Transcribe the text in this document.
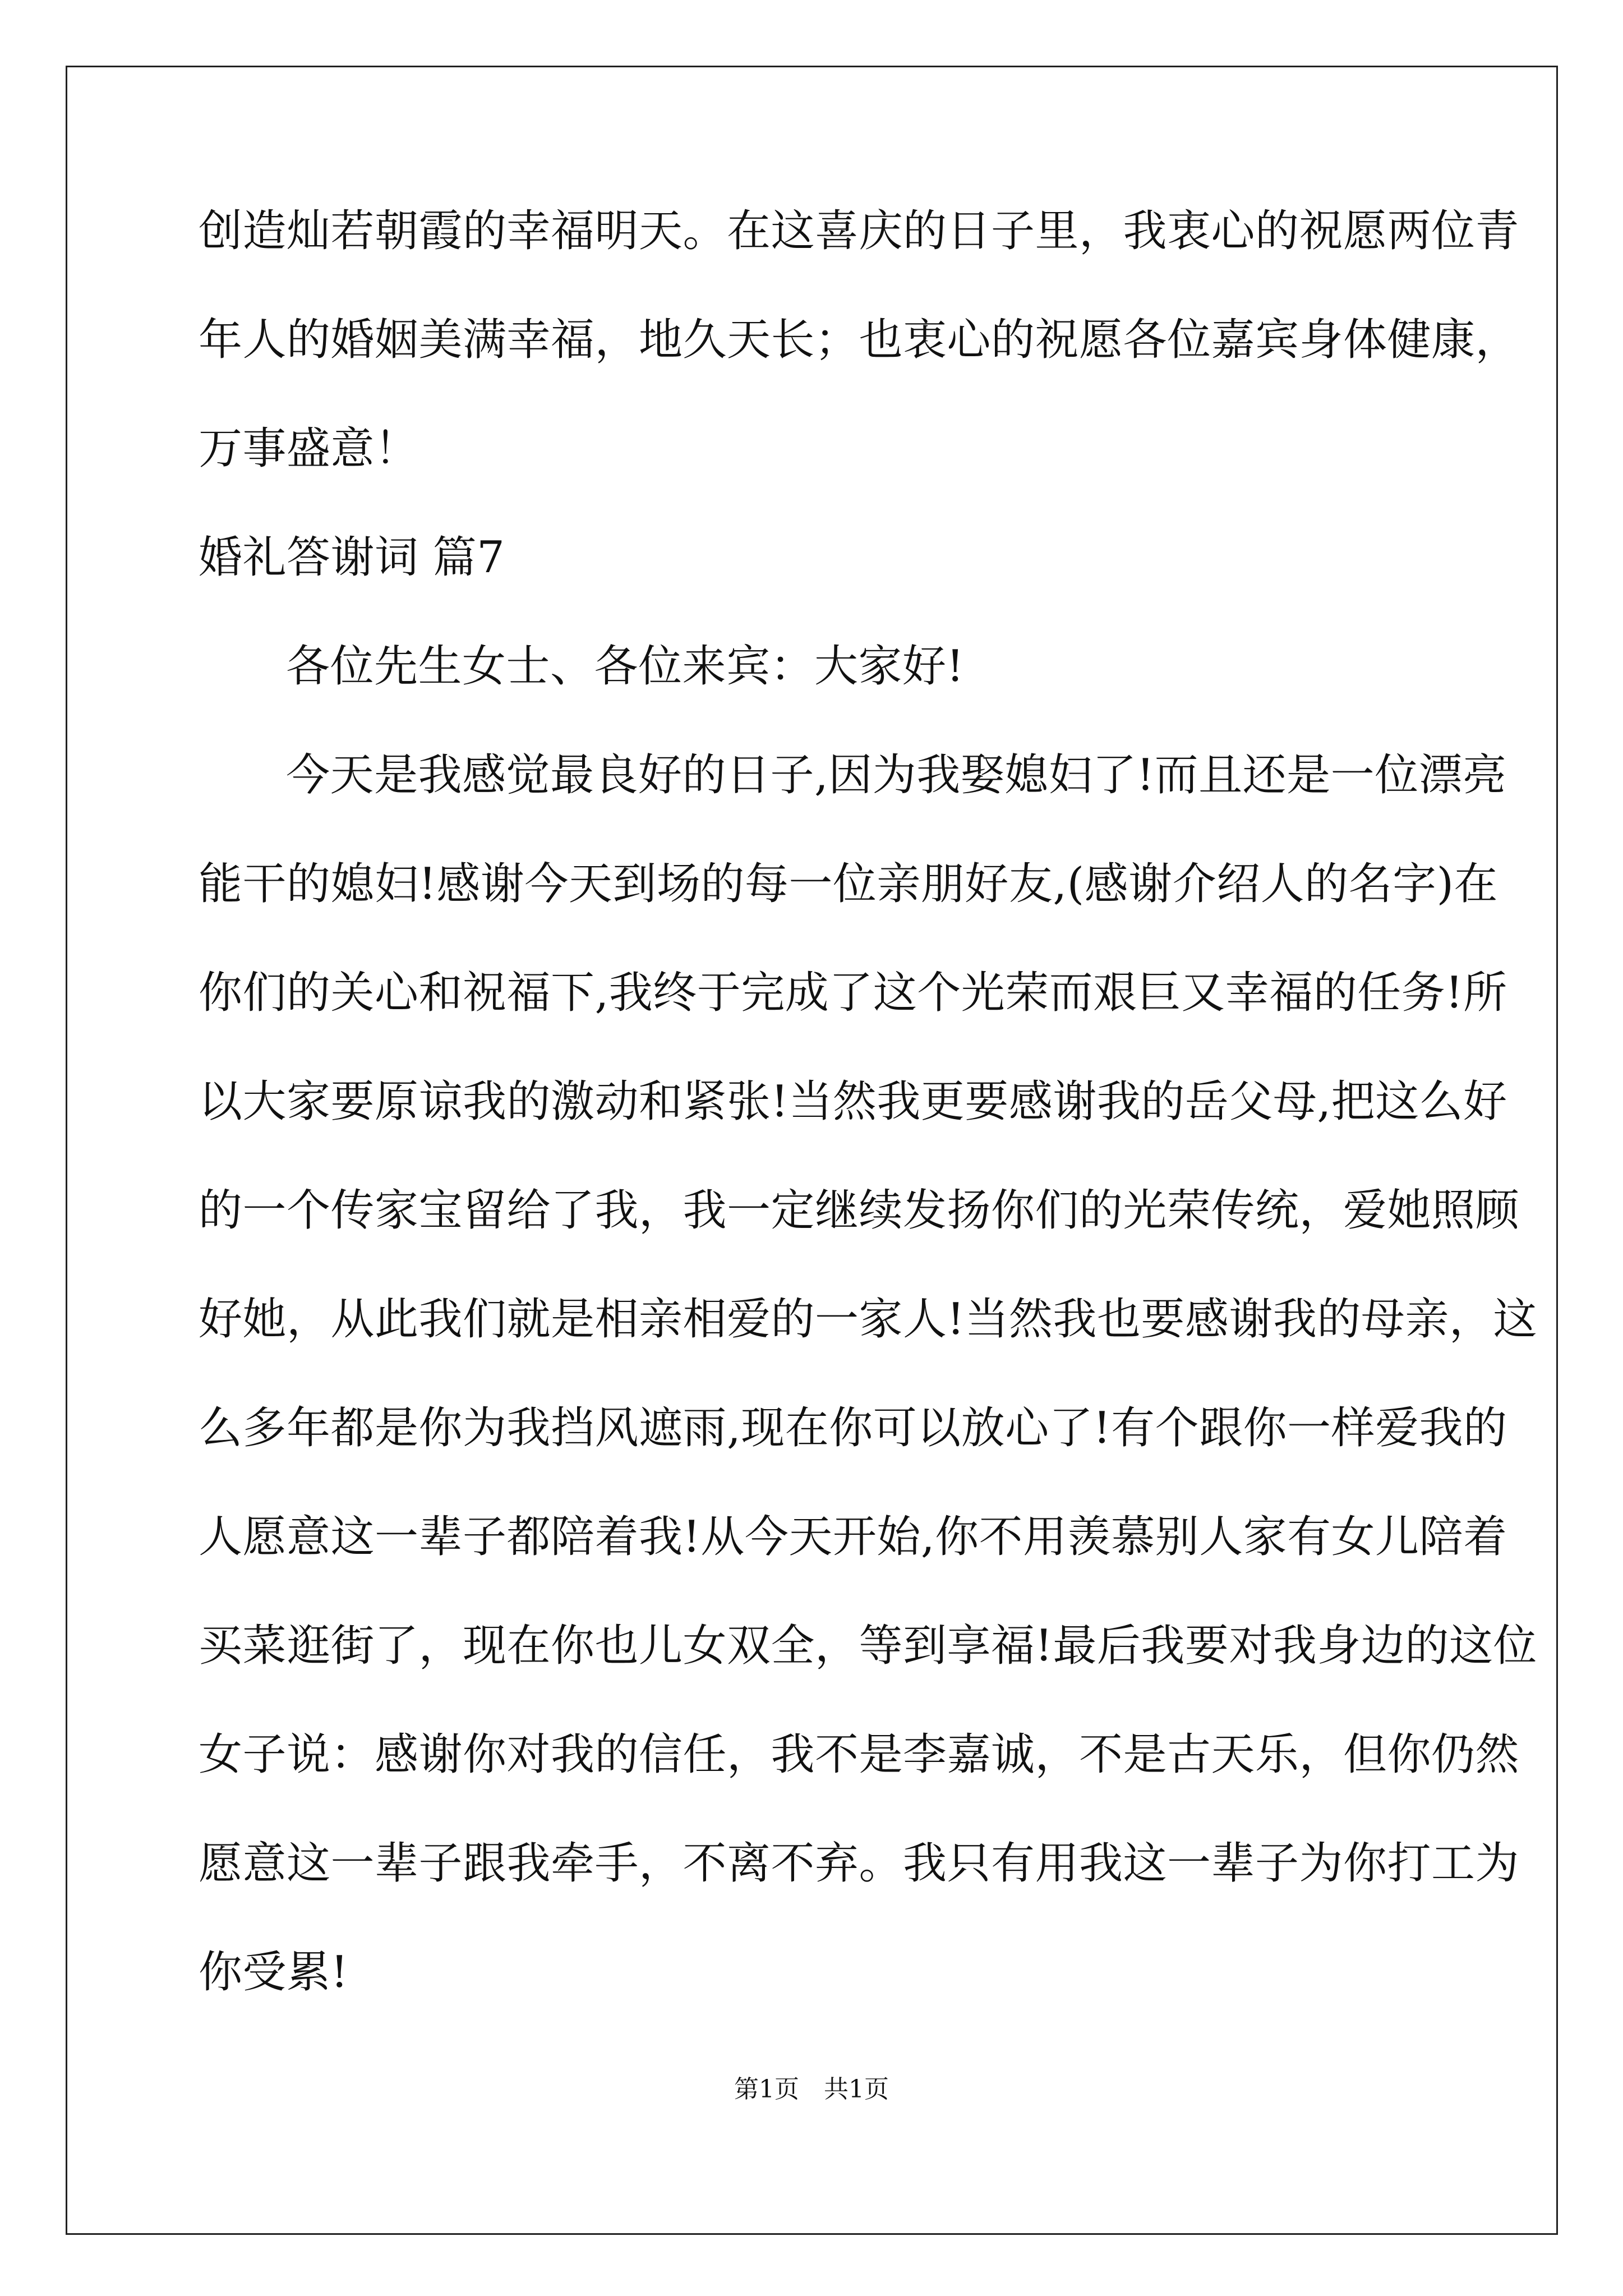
创造灿若朝霞的幸福明天。在这喜庆的日子里，我衷心的祝愿两位青
年人的婚姻美满幸福，地久天长；也衷心的祝愿各位嘉宾身体健康，
万事盛意！
婚礼答谢词 篇7
各位先生女士、各位来宾：大家好!
今天是我感觉最良好的日子,因为我娶媳妇了!而且还是一位漂亮
能干的媳妇!感谢今天到场的每一位亲朋好友,(感谢介绍人的名字)在
你们的关心和祝福下,我终于完成了这个光荣而艰巨又幸福的任务!所
以大家要原谅我的激动和紧张!当然我更要感谢我的岳父母,把这么好
的一个传家宝留给了我，我一定继续发扬你们的光荣传统，爱她照顾
好她，从此我们就是相亲相爱的一家人!当然我也要感谢我的母亲，这
么多年都是你为我挡风遮雨,现在你可以放心了!有个跟你一样爱我的
人愿意这一辈子都陪着我!从今天开始,你不用羡慕别人家有女儿陪着
买菜逛街了，现在你也儿女双全，等到享福!最后我要对我身边的这位
女子说：感谢你对我的信任，我不是李嘉诚，不是古天乐，但你仍然
愿意这一辈子跟我牵手，不离不弃。我只有用我这一辈子为你打工为
你受累!
第1页　共1页
